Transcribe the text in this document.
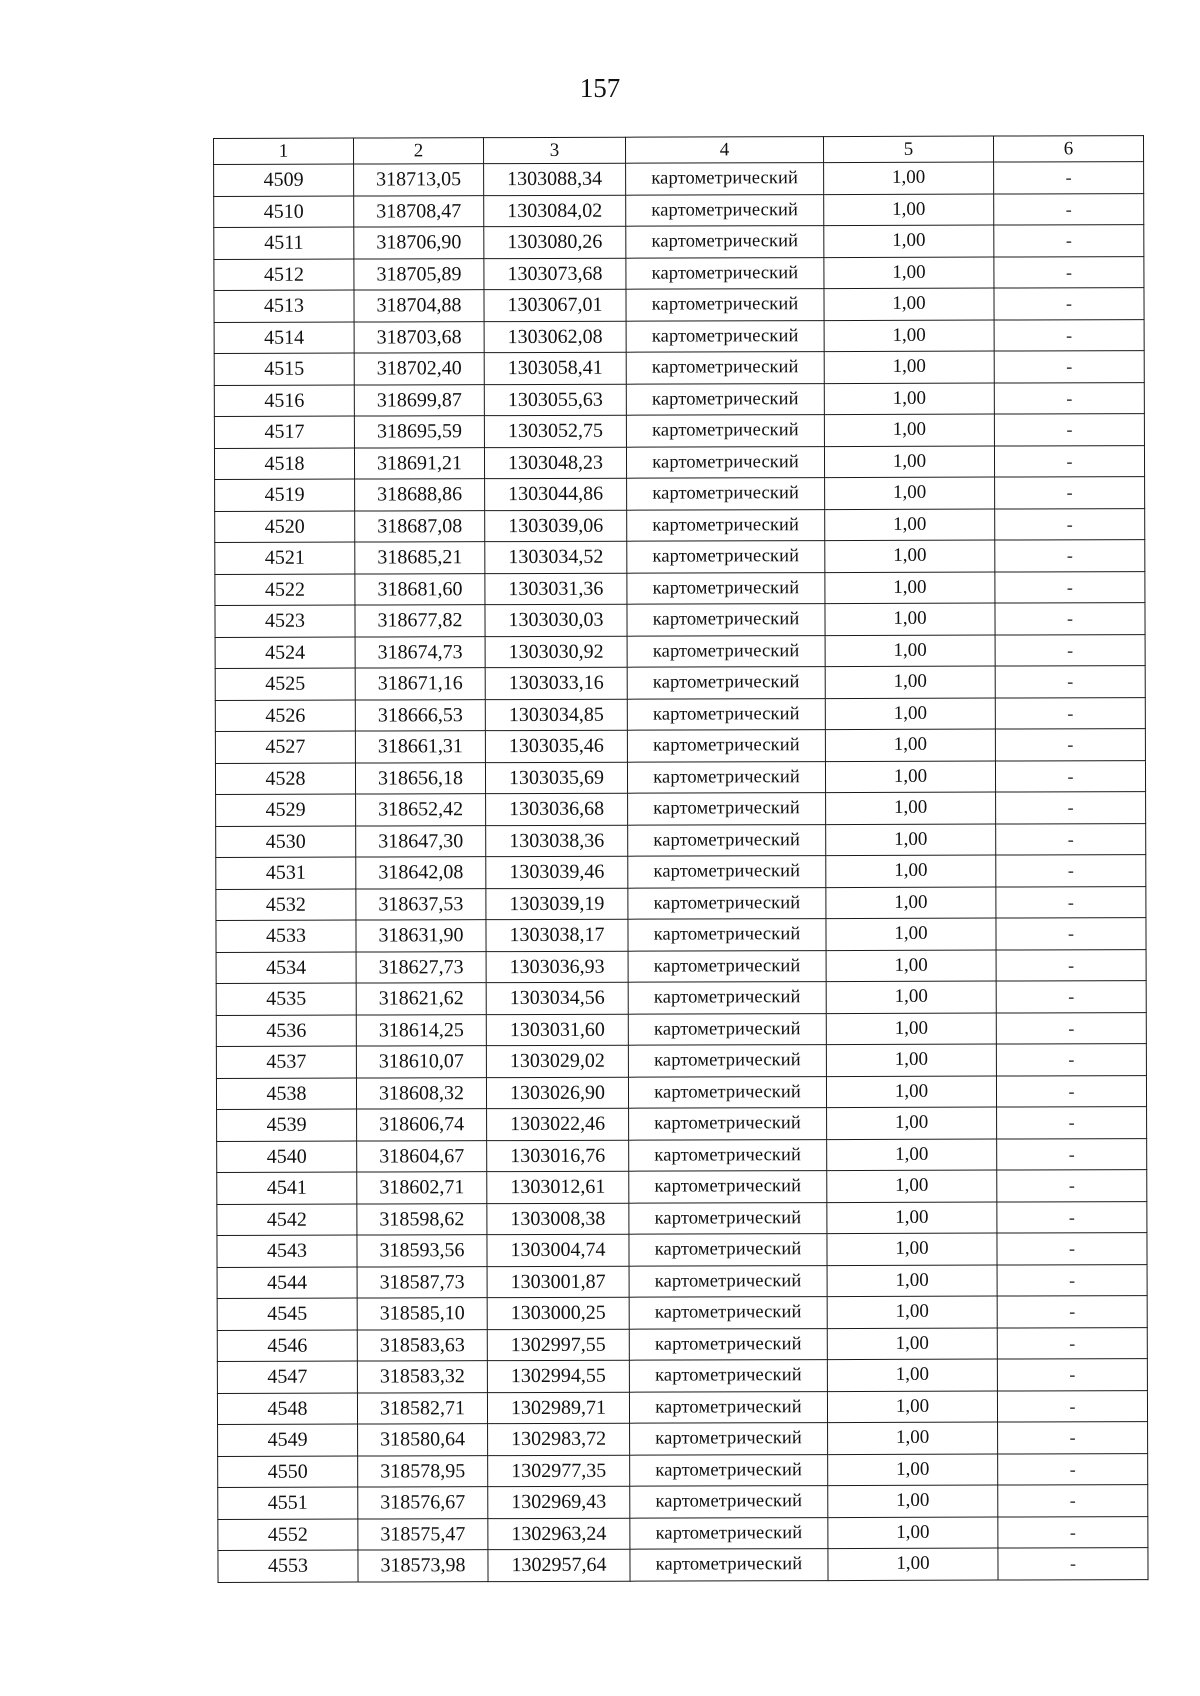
157
1	2	3	4	5	6
4509	318713,05	1303088,34	картометрический	1,00	-
4510	318708,47	1303084,02	картометрический	1,00	-
4511	318706,90	1303080,26	картометрический	1,00	-
4512	318705,89	1303073,68	картометрический	1,00	-
4513	318704,88	1303067,01	картометрический	1,00	-
4514	318703,68	1303062,08	картометрический	1,00	-
4515	318702,40	1303058,41	картометрический	1,00	-
4516	318699,87	1303055,63	картометрический	1,00	-
4517	318695,59	1303052,75	картометрический	1,00	-
4518	318691,21	1303048,23	картометрический	1,00	-
4519	318688,86	1303044,86	картометрический	1,00	-
4520	318687,08	1303039,06	картометрический	1,00	-
4521	318685,21	1303034,52	картометрический	1,00	-
4522	318681,60	1303031,36	картометрический	1,00	-
4523	318677,82	1303030,03	картометрический	1,00	-
4524	318674,73	1303030,92	картометрический	1,00	-
4525	318671,16	1303033,16	картометрический	1,00	-
4526	318666,53	1303034,85	картометрический	1,00	-
4527	318661,31	1303035,46	картометрический	1,00	-
4528	318656,18	1303035,69	картометрический	1,00	-
4529	318652,42	1303036,68	картометрический	1,00	-
4530	318647,30	1303038,36	картометрический	1,00	-
4531	318642,08	1303039,46	картометрический	1,00	-
4532	318637,53	1303039,19	картометрический	1,00	-
4533	318631,90	1303038,17	картометрический	1,00	-
4534	318627,73	1303036,93	картометрический	1,00	-
4535	318621,62	1303034,56	картометрический	1,00	-
4536	318614,25	1303031,60	картометрический	1,00	-
4537	318610,07	1303029,02	картометрический	1,00	-
4538	318608,32	1303026,90	картометрический	1,00	-
4539	318606,74	1303022,46	картометрический	1,00	-
4540	318604,67	1303016,76	картометрический	1,00	-
4541	318602,71	1303012,61	картометрический	1,00	-
4542	318598,62	1303008,38	картометрический	1,00	-
4543	318593,56	1303004,74	картометрический	1,00	-
4544	318587,73	1303001,87	картометрический	1,00	-
4545	318585,10	1303000,25	картометрический	1,00	-
4546	318583,63	1302997,55	картометрический	1,00	-
4547	318583,32	1302994,55	картометрический	1,00	-
4548	318582,71	1302989,71	картометрический	1,00	-
4549	318580,64	1302983,72	картометрический	1,00	-
4550	318578,95	1302977,35	картометрический	1,00	-
4551	318576,67	1302969,43	картометрический	1,00	-
4552	318575,47	1302963,24	картометрический	1,00	-
4553	318573,98	1302957,64	картометрический	1,00	-
